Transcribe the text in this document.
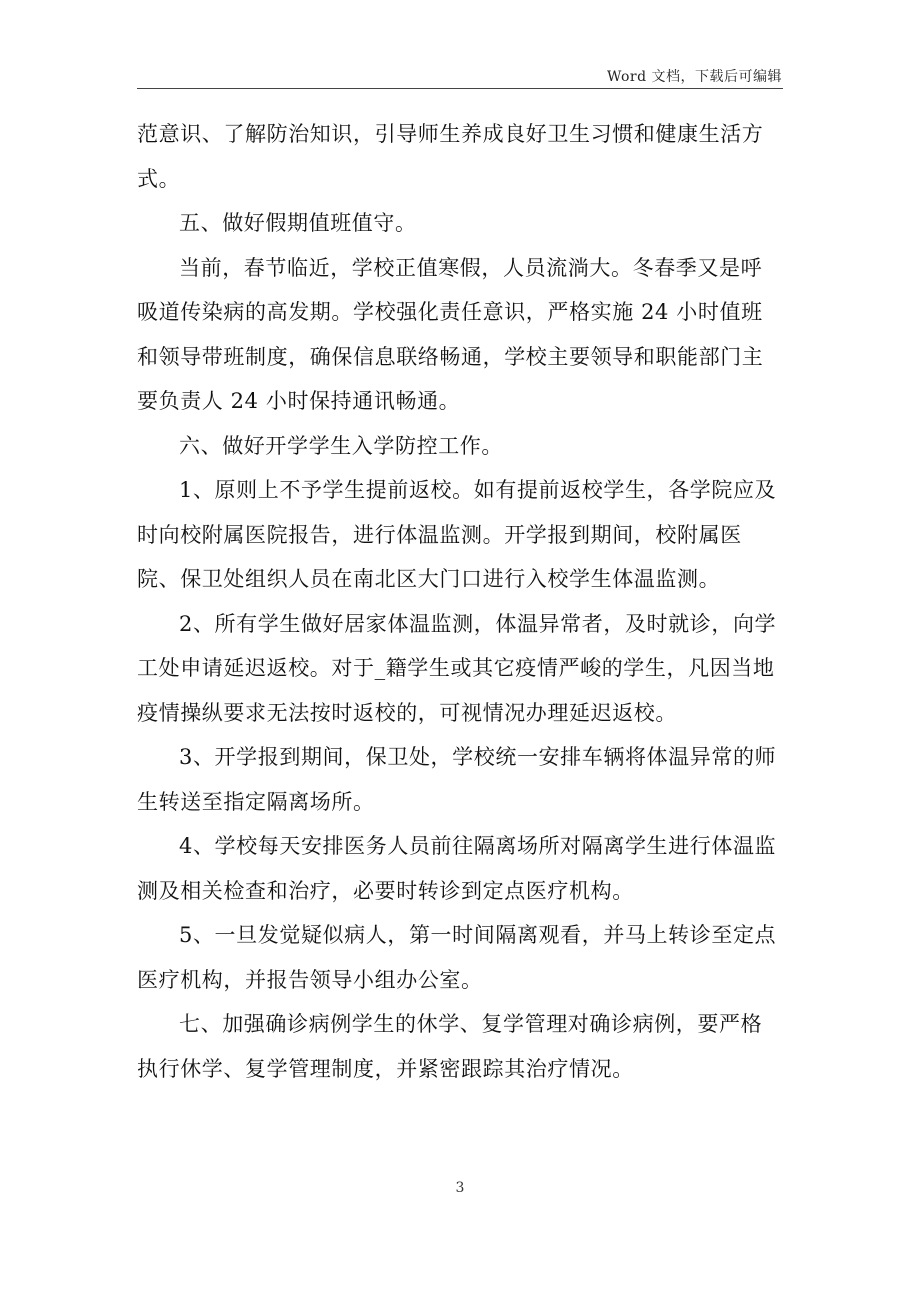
Word 文档，下载后可编辑

范意识、了解防治知识，引导师生养成良好卫生习惯和健康生活方式。

五、做好假期值班值守。

当前，春节临近，学校正值寒假，人员流淌大。冬春季又是呼吸道传染病的高发期。学校强化责任意识，严格实施 24 小时值班和领导带班制度，确保信息联络畅通，学校主要领导和职能部门主要负责人 24 小时保持通讯畅通。

六、做好开学学生入学防控工作。

1、原则上不予学生提前返校。如有提前返校学生，各学院应及时向校附属医院报告，进行体温监测。开学报到期间，校附属医院、保卫处组织人员在南北区大门口进行入校学生体温监测。

2、所有学生做好居家体温监测，体温异常者，及时就诊，向学工处申请延迟返校。对于_籍学生或其它疫情严峻的学生，凡因当地疫情操纵要求无法按时返校的，可视情况办理延迟返校。

3、开学报到期间，保卫处，学校统一安排车辆将体温异常的师生转送至指定隔离场所。

4、学校每天安排医务人员前往隔离场所对隔离学生进行体温监测及相关检查和治疗，必要时转诊到定点医疗机构。

5、一旦发觉疑似病人，第一时间隔离观看，并马上转诊至定点医疗机构，并报告领导小组办公室。

七、加强确诊病例学生的休学、复学管理对确诊病例，要严格执行休学、复学管理制度，并紧密跟踪其治疗情况。

3
